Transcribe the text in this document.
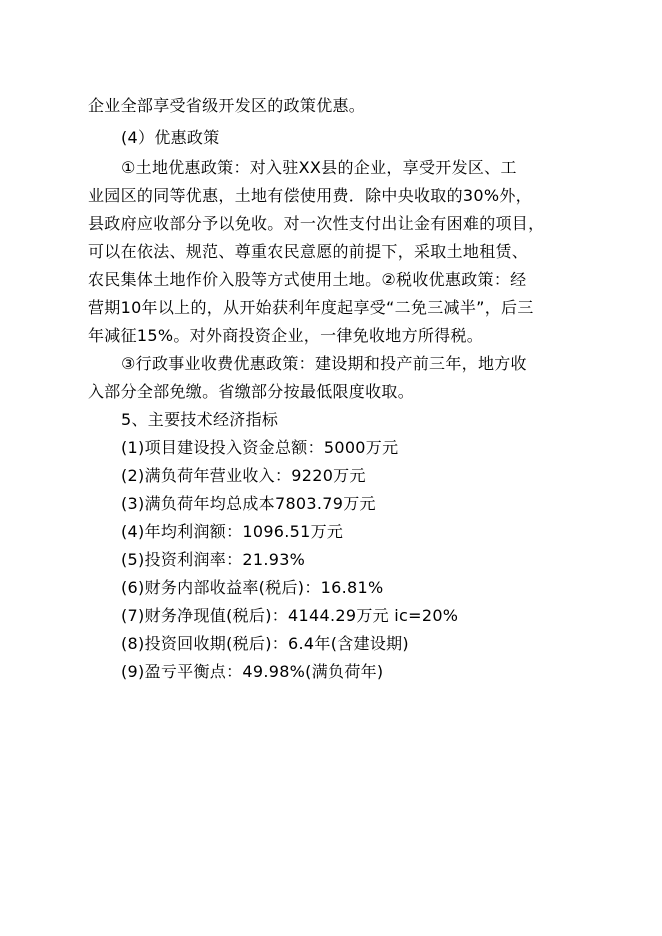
企业全部享受省级开发区的政策优惠。
(4）优惠政策
①土地优惠政策：对入驻XX县的企业，享受开发区、工
业园区的同等优惠，土地有偿使用费．除中央收取的30%外，
县政府应收部分予以免收。对一次性支付出让金有困难的项目，
可以在依法、规范、尊重农民意愿的前提下，采取土地租赁、
农民集体土地作价入股等方式使用土地。②税收优惠政策：经
营期10年以上的，从开始获利年度起享受“二免三减半”，后三
年减征15%。对外商投资企业，一律免收地方所得税。
③行政事业收费优惠政策：建设期和投产前三年，地方收
入部分全部免缴。省缴部分按最低限度收取。
5、主要技术经济指标
(1)项目建设投入资金总额：5000万元
(2)满负荷年营业收入：9220万元
(3)满负荷年均总成本7803.79万元
(4)年均利润额：1096.51万元
(5)投资利润率：21.93%
(6)财务内部收益率(税后)：16.81%
(7)财务净现值(税后)：4144.29万元 ic=20%
(8)投资回收期(税后)：6.4年(含建设期)
(9)盈亏平衡点：49.98%(满负荷年)
